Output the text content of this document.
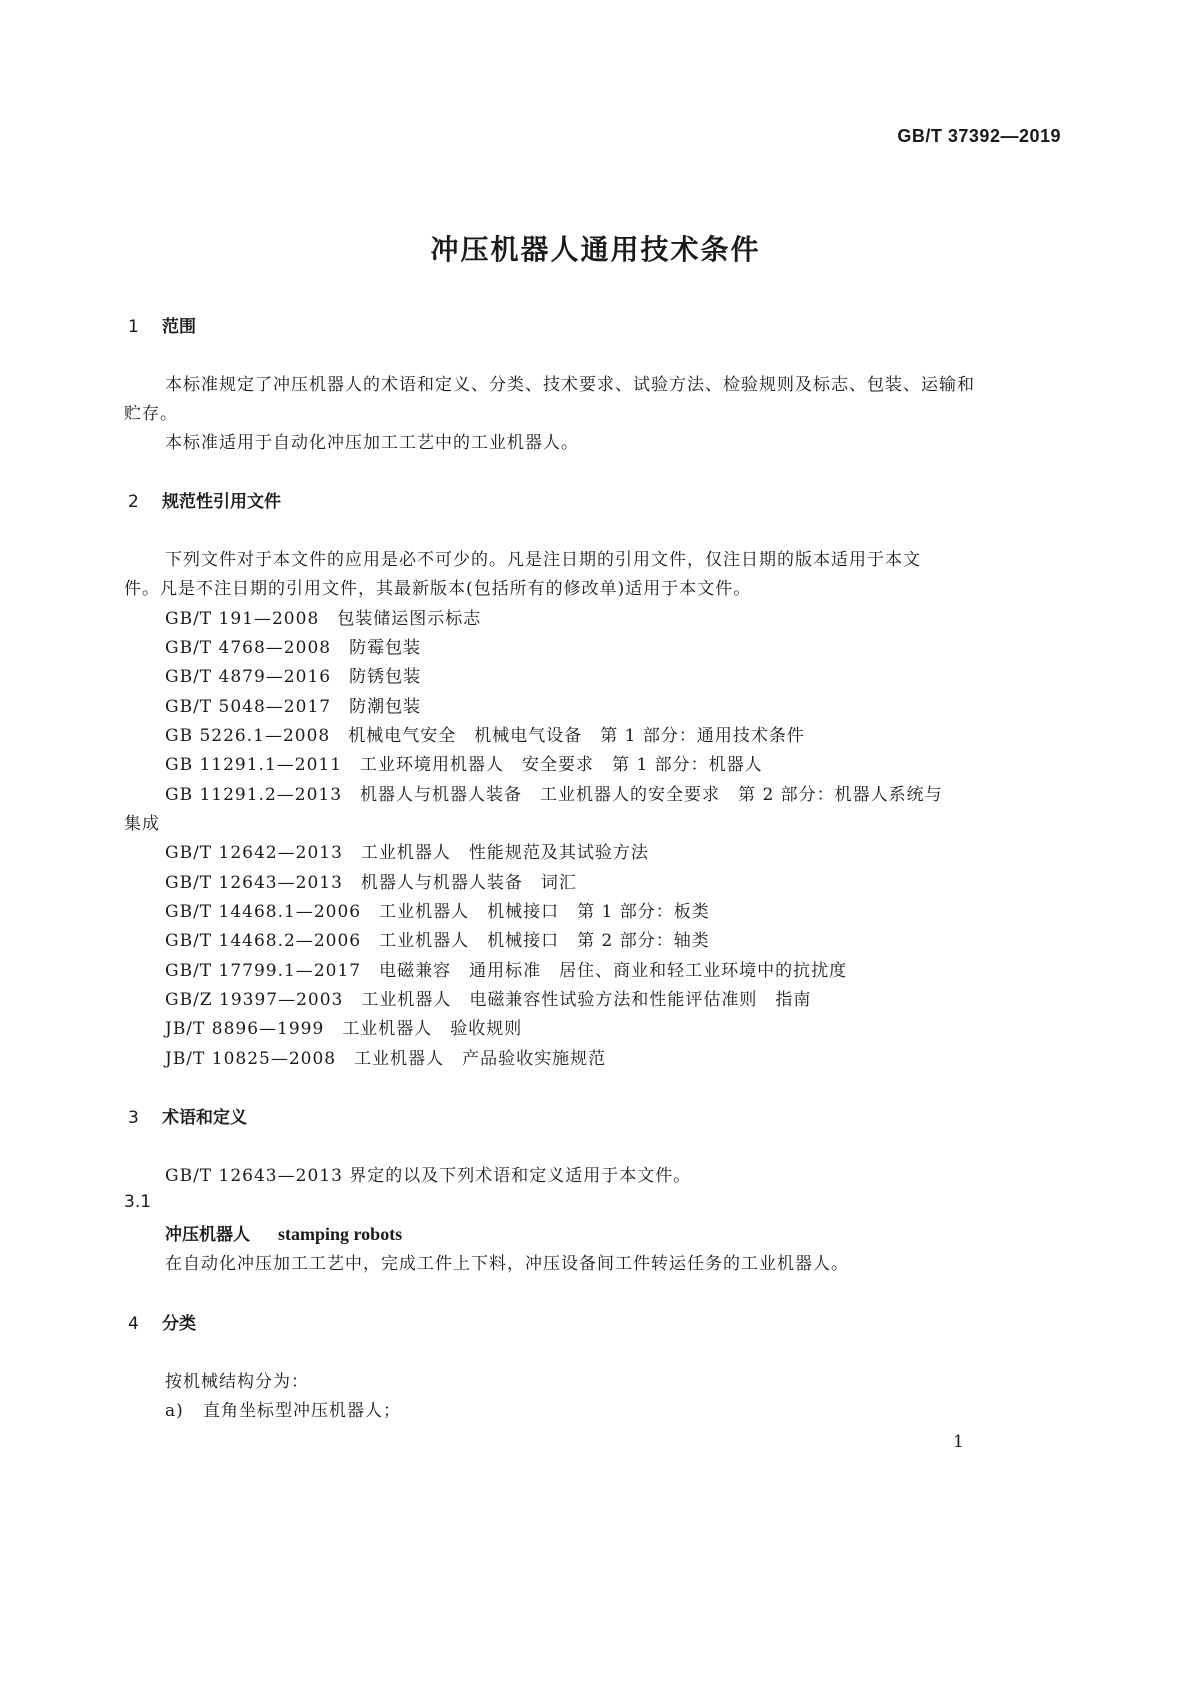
GB/T 37392—2019
冲压机器人通用技术条件
1 范围
本标准规定了冲压机器人的术语和定义、分类、技术要求、试验方法、检验规则及标志、包装、运输和
贮存。
本标准适用于自动化冲压加工工艺中的工业机器人。
2 规范性引用文件
下列文件对于本文件的应用是必不可少的。凡是注日期的引用文件，仅注日期的版本适用于本文
件。凡是不注日期的引用文件，其最新版本(包括所有的修改单)适用于本文件。
GB/T 191—2008 包装储运图示标志
GB/T 4768—2008 防霉包装
GB/T 4879—2016 防锈包装
GB/T 5048—2017 防潮包装
GB 5226.1—2008 机械电气安全　机械电气设备　第 1 部分：通用技术条件
GB 11291.1—2011 工业环境用机器人　安全要求　第 1 部分：机器人
GB 11291.2—2013 机器人与机器人装备　工业机器人的安全要求　第 2 部分：机器人系统与
集成
GB/T 12642—2013 工业机器人　性能规范及其试验方法
GB/T 12643—2013 机器人与机器人装备　词汇
GB/T 14468.1—2006 工业机器人　机械接口　第 1 部分：板类
GB/T 14468.2—2006 工业机器人　机械接口　第 2 部分：轴类
GB/T 17799.1—2017 电磁兼容　通用标准　居住、商业和轻工业环境中的抗扰度
GB/Z 19397—2003 工业机器人　电磁兼容性试验方法和性能评估准则　指南
JB/T 8896—1999 工业机器人　验收规则
JB/T 10825—2008 工业机器人　产品验收实施规范
3 术语和定义
GB/T 12643—2013 界定的以及下列术语和定义适用于本文件。
3.1
冲压机器人 stamping robots
在自动化冲压加工工艺中，完成工件上下料，冲压设备间工件转运任务的工业机器人。
4 分类
按机械结构分为：
a) 直角坐标型冲压机器人；
1
